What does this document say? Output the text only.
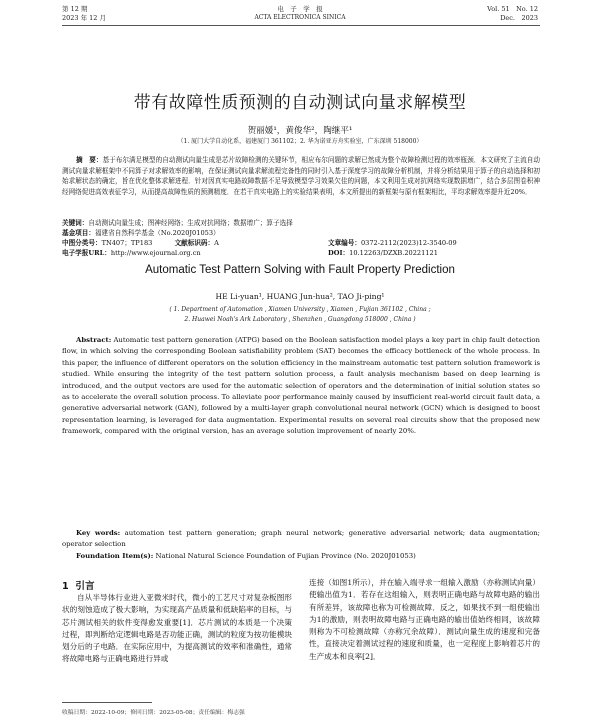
第 12 期
2023 年 12 月
电　子　学　报
ACTA ELECTRONICA SINICA
Vol. 51　No. 12
Dec.　2023
带有故障性质预测的自动测试向量求解模型
贺丽媛¹，黄俊华²，陶继平¹
（1. 厦门大学自动化系，福建厦门 361102；2. 华为诺亚方舟实验室，广东深圳 518000）
摘　要：基于布尔满足模型的自动测试向量生成是芯片故障检测的关键环节，相应布尔问题的求解已然成为整个故障检测过程的效率瓶颈．本文研究了主流自动测试向量求解框架中不同算子对求解效率的影响，在保证测试向量求解流程完备性的同时引入基于深度学习的故障分析机制，并将分析结果用于算子的自动选择和初始求解状态的确定，旨在优化整体求解进程．针对因真实电路故障数据不足导致模型学习效果欠佳的问题，本文利用生成对抗网络实现数据增广，结合多层图卷积神经网络促进高效表征学习，从而提高故障性质的预测精度．在若干真实电路上的实验结果表明，本文所提出的新框架与原有框架相比，平均求解效率提升近20%．
关键词：自动测试向量生成；图神经网络；生成对抗网络；数据增广；算子选择
基金项目：福建省自然科学基金（No.2020J01053）
中图分类号：TN407；TP183	文献标识码：A	文章编号：0372-2112(2023)12-3540-09
电子学报URL：http://www.ejournal.org.cn	DOI：10.12263/DZXB.20221121
Automatic Test Pattern Solving with Fault Property Prediction
HE Li-yuan¹, HUANG Jun-hua², TAO Ji-ping¹
( 1. Department of Automation , Xiamen University , Xiamen , Fujian 361102 , China ;
2. Huawei Noah's Ark Laboratory , Shenzhen , Guangdong 518000 , China )
Abstract: Automatic test pattern generation (ATPG) based on the Boolean satisfaction model plays a key part in chip fault detection flow, in which solving the corresponding Boolean satisfiability problem (SAT) becomes the efficacy bottleneck of the whole process. In this paper, the influence of different operators on the solution efficiency in the mainstream automatic test pattern solution framework is studied. While ensuring the integrity of the test pattern solution process, a fault analysis mechanism based on deep learning is introduced, and the output vectors are used for the automatic selection of operators and the determination of initial solution states so as to accelerate the overall solution process. To alleviate poor performance mainly caused by insufficient real-world circuit fault data, a generative adversarial network (GAN), followed by a multi-layer graph convolutional neural network (GCN) which is designed to boost representation learning, is leveraged for data augmentation. Experimental results on several real circuits show that the proposed new framework, compared with the original version, has an average solution improvement of nearly 20%.
Key words: automation test pattern generation; graph neural network; generative adversarial network; data augmentation; operator selection
Foundation Item(s): National Natural Science Foundation of Fujian Province (No. 2020J01053)
1 引言
自从半导体行业进入亚微米时代，微小的工艺尺寸对复杂板图形状的刻蚀造成了极大影响，为实现高产品质量和低缺陷率的目标，与芯片测试相关的软件变得愈发重要[1]．芯片测试的本质是一个决策过程，即判断给定逻辑电路是否功能正确，测试的粒度为按功能模块划分后的子电路．在实际应用中，为提高测试的效率和准确性，通常将故障电路与正确电路进行异或
连接（如图1所示），并在输入端寻求一组输入激励（亦称测试向量）使输出值为1．若存在这组输入，则表明正确电路与故障电路的输出有所差异，该故障也称为可检测故障．反之，如果找不到一组使输出为1的激励，则表明故障电路与正确电路的输出值始终相同，该故障则称为不可检测故障（亦称冗余故障）．测试向量生成的速度和完备性，直接决定着测试过程的速度和质量，也一定程度上影响着芯片的生产成本和良率[2]．
收稿日期：2022-10-09；修回日期：2023-05-08；责任编辑：梅志强
